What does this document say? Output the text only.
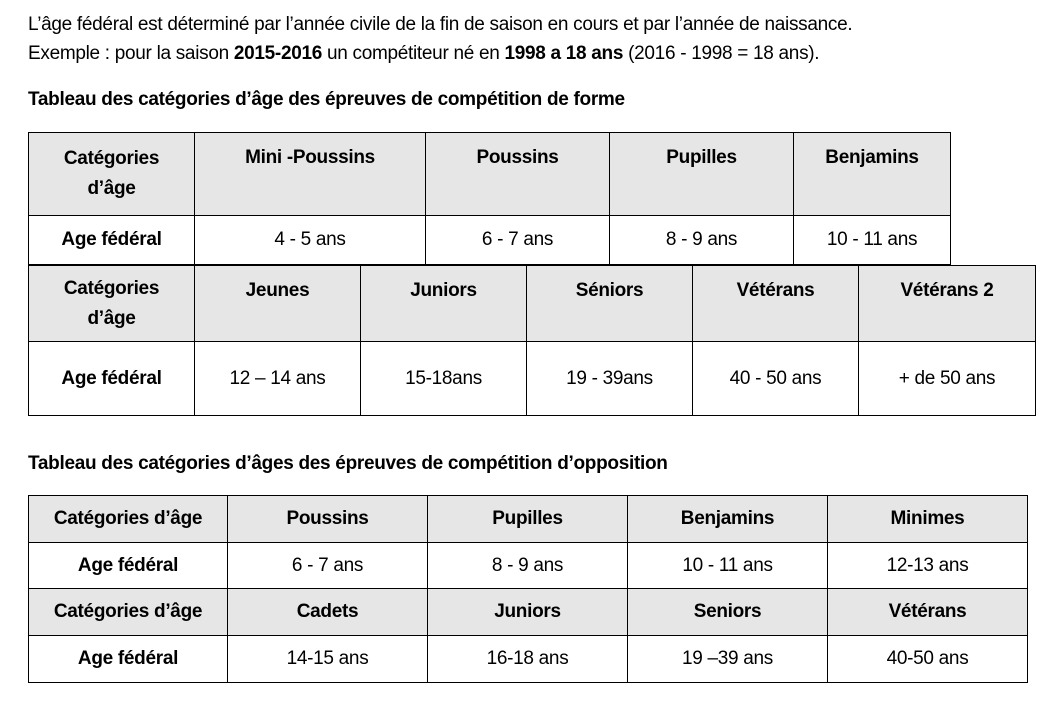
L’âge fédéral est déterminé par l’année civile de la fin de saison en cours et par l’année de naissance.

Exemple : pour la saison 2015-2016 un compétiteur né en 1998 a 18 ans (2016 - 1998 = 18 ans).

Tableau des catégories d’âge des épreuves de compétition de forme
Catégories
d’âge	Mini -Poussins	Poussins	Pupilles	Benjamins
Age fédéral	4 - 5 ans	6 - 7 ans	8 - 9 ans	10 - 11 ans
Catégories
d’âge	Jeunes	Juniors	Séniors	Vétérans	Vétérans 2
Age fédéral	12 – 14 ans	15-18ans	19 - 39ans	40 - 50 ans	+ de 50 ans
Tableau des catégories d’âges des épreuves de compétition d’opposition
Catégories d’âge	Poussins	Pupilles	Benjamins	Minimes
Age fédéral	6 - 7 ans	8 - 9 ans	10 - 11 ans	12-13 ans
Catégories d’âge	Cadets	Juniors	Seniors	Vétérans
Age fédéral	14-15 ans	16-18 ans	19 –39 ans	40-50 ans
